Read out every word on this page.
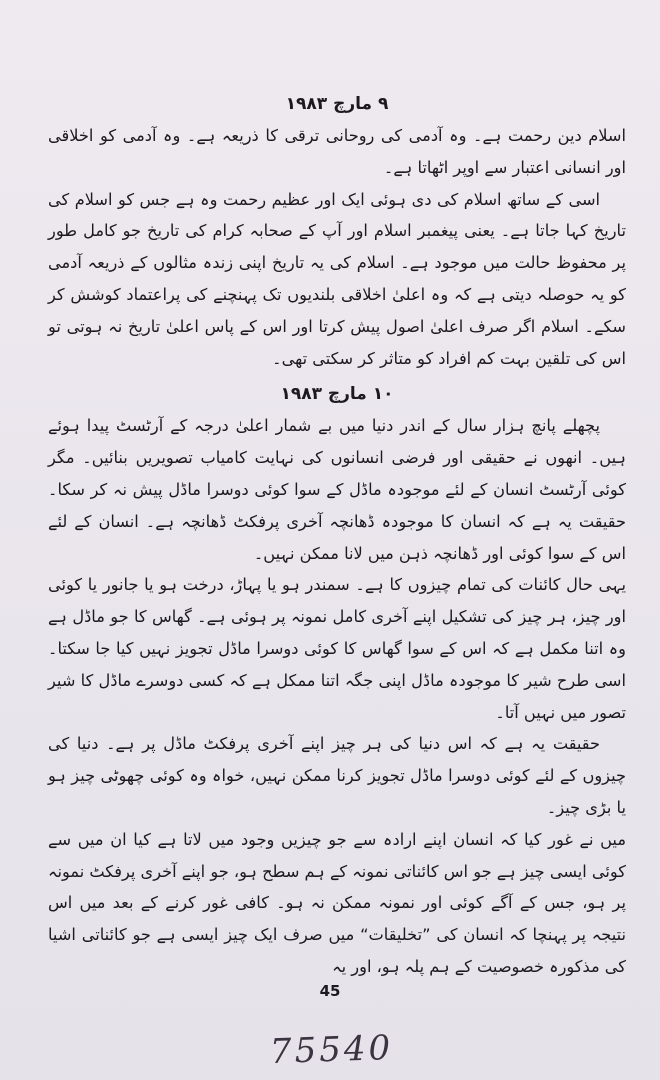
۹ مارچ ۱۹۸۳

اسلام دین رحمت ہے۔ وہ آدمی کی روحانی ترقی کا ذریعہ ہے۔ وہ آدمی کو اخلاقی اور انسانی اعتبار سے اوپر اٹھاتا ہے۔

اسی کے ساتھ اسلام کی دی ہوئی ایک اور عظیم رحمت وہ ہے جس کو اسلام کی تاریخ کہا جاتا ہے۔ یعنی پیغمبر اسلام اور آپ کے صحابہ کرام کی تاریخ جو کامل طور پر محفوظ حالت میں موجود ہے۔ اسلام کی یہ تاریخ اپنی زندہ مثالوں کے ذریعہ آدمی کو یہ حوصلہ دیتی ہے کہ وہ اعلیٰ اخلاقی بلندیوں تک پہنچنے کی پراعتماد کوشش کر سکے۔ اسلام اگر صرف اعلیٰ اصول پیش کرتا اور اس کے پاس اعلیٰ تاریخ نہ ہوتی تو اس کی تلقین بہت کم افراد کو متاثر کر سکتی تھی۔

۱۰ مارچ ۱۹۸۳

پچھلے پانچ ہزار سال کے اندر دنیا میں بے شمار اعلیٰ درجہ کے آرٹسٹ پیدا ہوئے ہیں۔ انھوں نے حقیقی اور فرضی انسانوں کی نہایت کامیاب تصویریں بنائیں۔ مگر کوئی آرٹسٹ انسان کے لئے موجودہ ماڈل کے سوا کوئی دوسرا ماڈل پیش نہ کر سکا۔ حقیقت یہ ہے کہ انسان کا موجودہ ڈھانچہ آخری پرفکٹ ڈھانچہ ہے۔ انسان کے لئے اس کے سوا کوئی اور ڈھانچہ ذہن میں لانا ممکن نہیں۔

یہی حال کائنات کی تمام چیزوں کا ہے۔ سمندر ہو یا پہاڑ، درخت ہو یا جانور یا کوئی اور چیز، ہر چیز کی تشکیل اپنے آخری کامل نمونہ پر ہوئی ہے۔ گھاس کا جو ماڈل ہے وہ اتنا مکمل ہے کہ اس کے سوا گھاس کا کوئی دوسرا ماڈل تجویز نہیں کیا جا سکتا۔ اسی طرح شیر کا موجودہ ماڈل اپنی جگہ اتنا ممکل ہے کہ کسی دوسرے ماڈل کا شیر تصور میں نہیں آتا۔

حقیقت یہ ہے کہ اس دنیا کی ہر چیز اپنے آخری پرفکٹ ماڈل پر ہے۔ دنیا کی چیزوں کے لئے کوئی دوسرا ماڈل تجویز کرنا ممکن نہیں، خواہ وہ کوئی چھوٹی چیز ہو یا بڑی چیز۔

میں نے غور کیا کہ انسان اپنے ارادہ سے جو چیزیں وجود میں لاتا ہے کیا ان میں سے کوئی ایسی چیز ہے جو اس کائناتی نمونہ کے ہم سطح ہو، جو اپنے آخری پرفکٹ نمونہ پر ہو، جس کے آگے کوئی اور نمونہ ممکن نہ ہو۔ کافی غور کرنے کے بعد میں اس نتیجہ پر پہنچا کہ انسان کی ”تخلیقات“ میں صرف ایک چیز ایسی ہے جو کائناتی اشیا کی مذکورہ خصوصیت کے ہم پلہ ہو، اور یہ

45
75540
